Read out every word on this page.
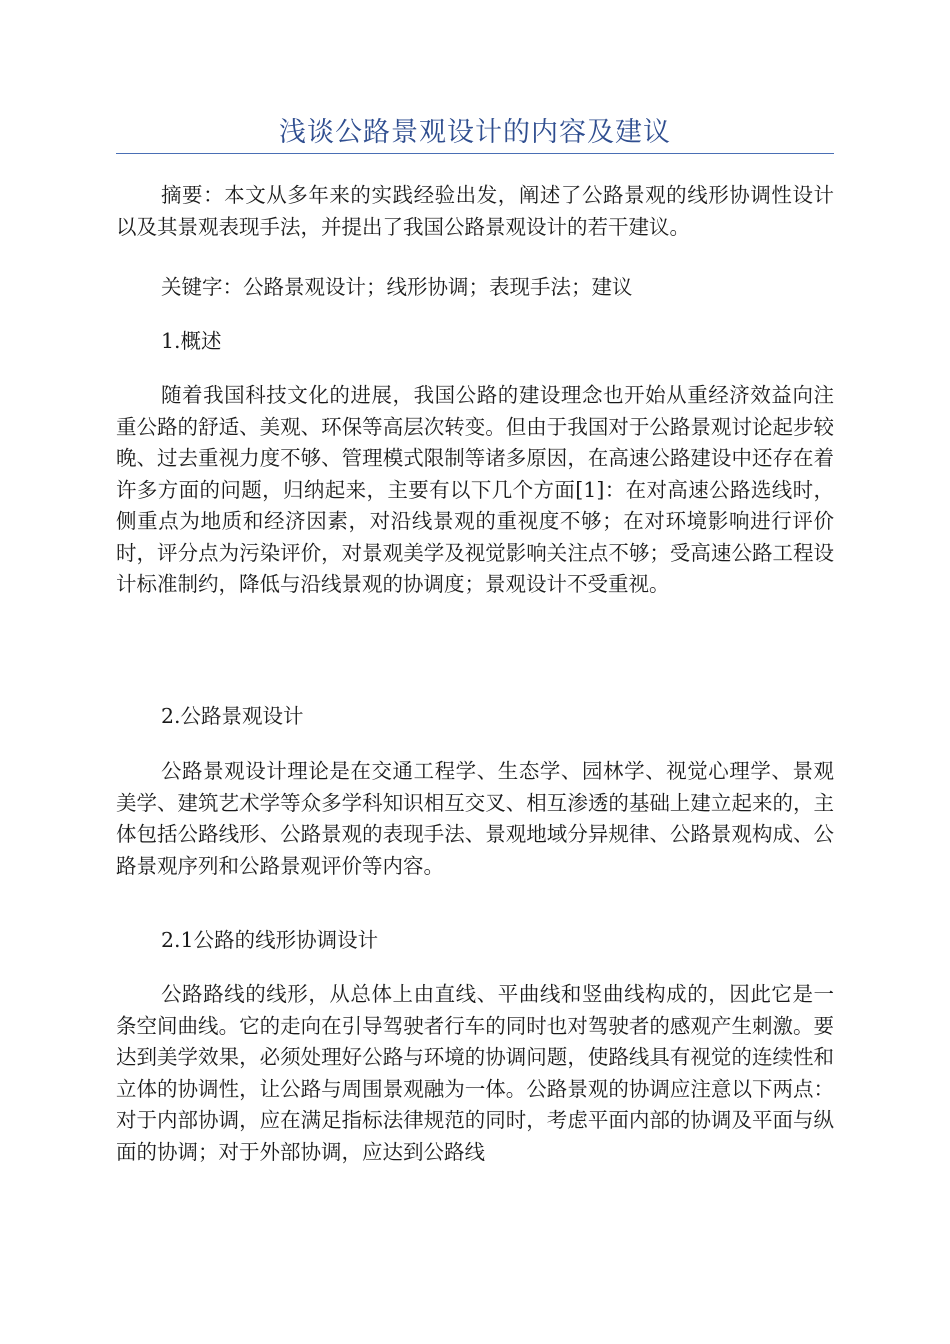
浅谈公路景观设计的内容及建议

摘要：本文从多年来的实践经验出发，阐述了公路景观的线形协调性设计以及其景观表现手法，并提出了我国公路景观设计的若干建议。

关键字：公路景观设计；线形协调；表现手法；建议

1.概述

随着我国科技文化的进展，我国公路的建设理念也开始从重经济效益向注重公路的舒适、美观、环保等高层次转变。但由于我国对于公路景观讨论起步较晚、过去重视力度不够、管理模式限制等诸多原因，在高速公路建设中还存在着许多方面的问题，归纳起来，主要有以下几个方面[1]：在对高速公路选线时，侧重点为地质和经济因素，对沿线景观的重视度不够；在对环境影响进行评价时，评分点为污染评价，对景观美学及视觉影响关注点不够；受高速公路工程设计标准制约，降低与沿线景观的协调度；景观设计不受重视。

2.公路景观设计

公路景观设计理论是在交通工程学、生态学、园林学、视觉心理学、景观美学、建筑艺术学等众多学科知识相互交叉、相互渗透的基础上建立起来的，主体包括公路线形、公路景观的表现手法、景观地域分异规律、公路景观构成、公路景观序列和公路景观评价等内容。

2.1公路的线形协调设计

公路路线的线形，从总体上由直线、平曲线和竖曲线构成的，因此它是一条空间曲线。它的走向在引导驾驶者行车的同时也对驾驶者的感观产生刺激。要达到美学效果，必须处理好公路与环境的协调问题，使路线具有视觉的连续性和立体的协调性，让公路与周围景观融为一体。公路景观的协调应注意以下两点：对于内部协调，应在满足指标法律规范的同时，考虑平面内部的协调及平面与纵面的协调；对于外部协调，应达到公路线
